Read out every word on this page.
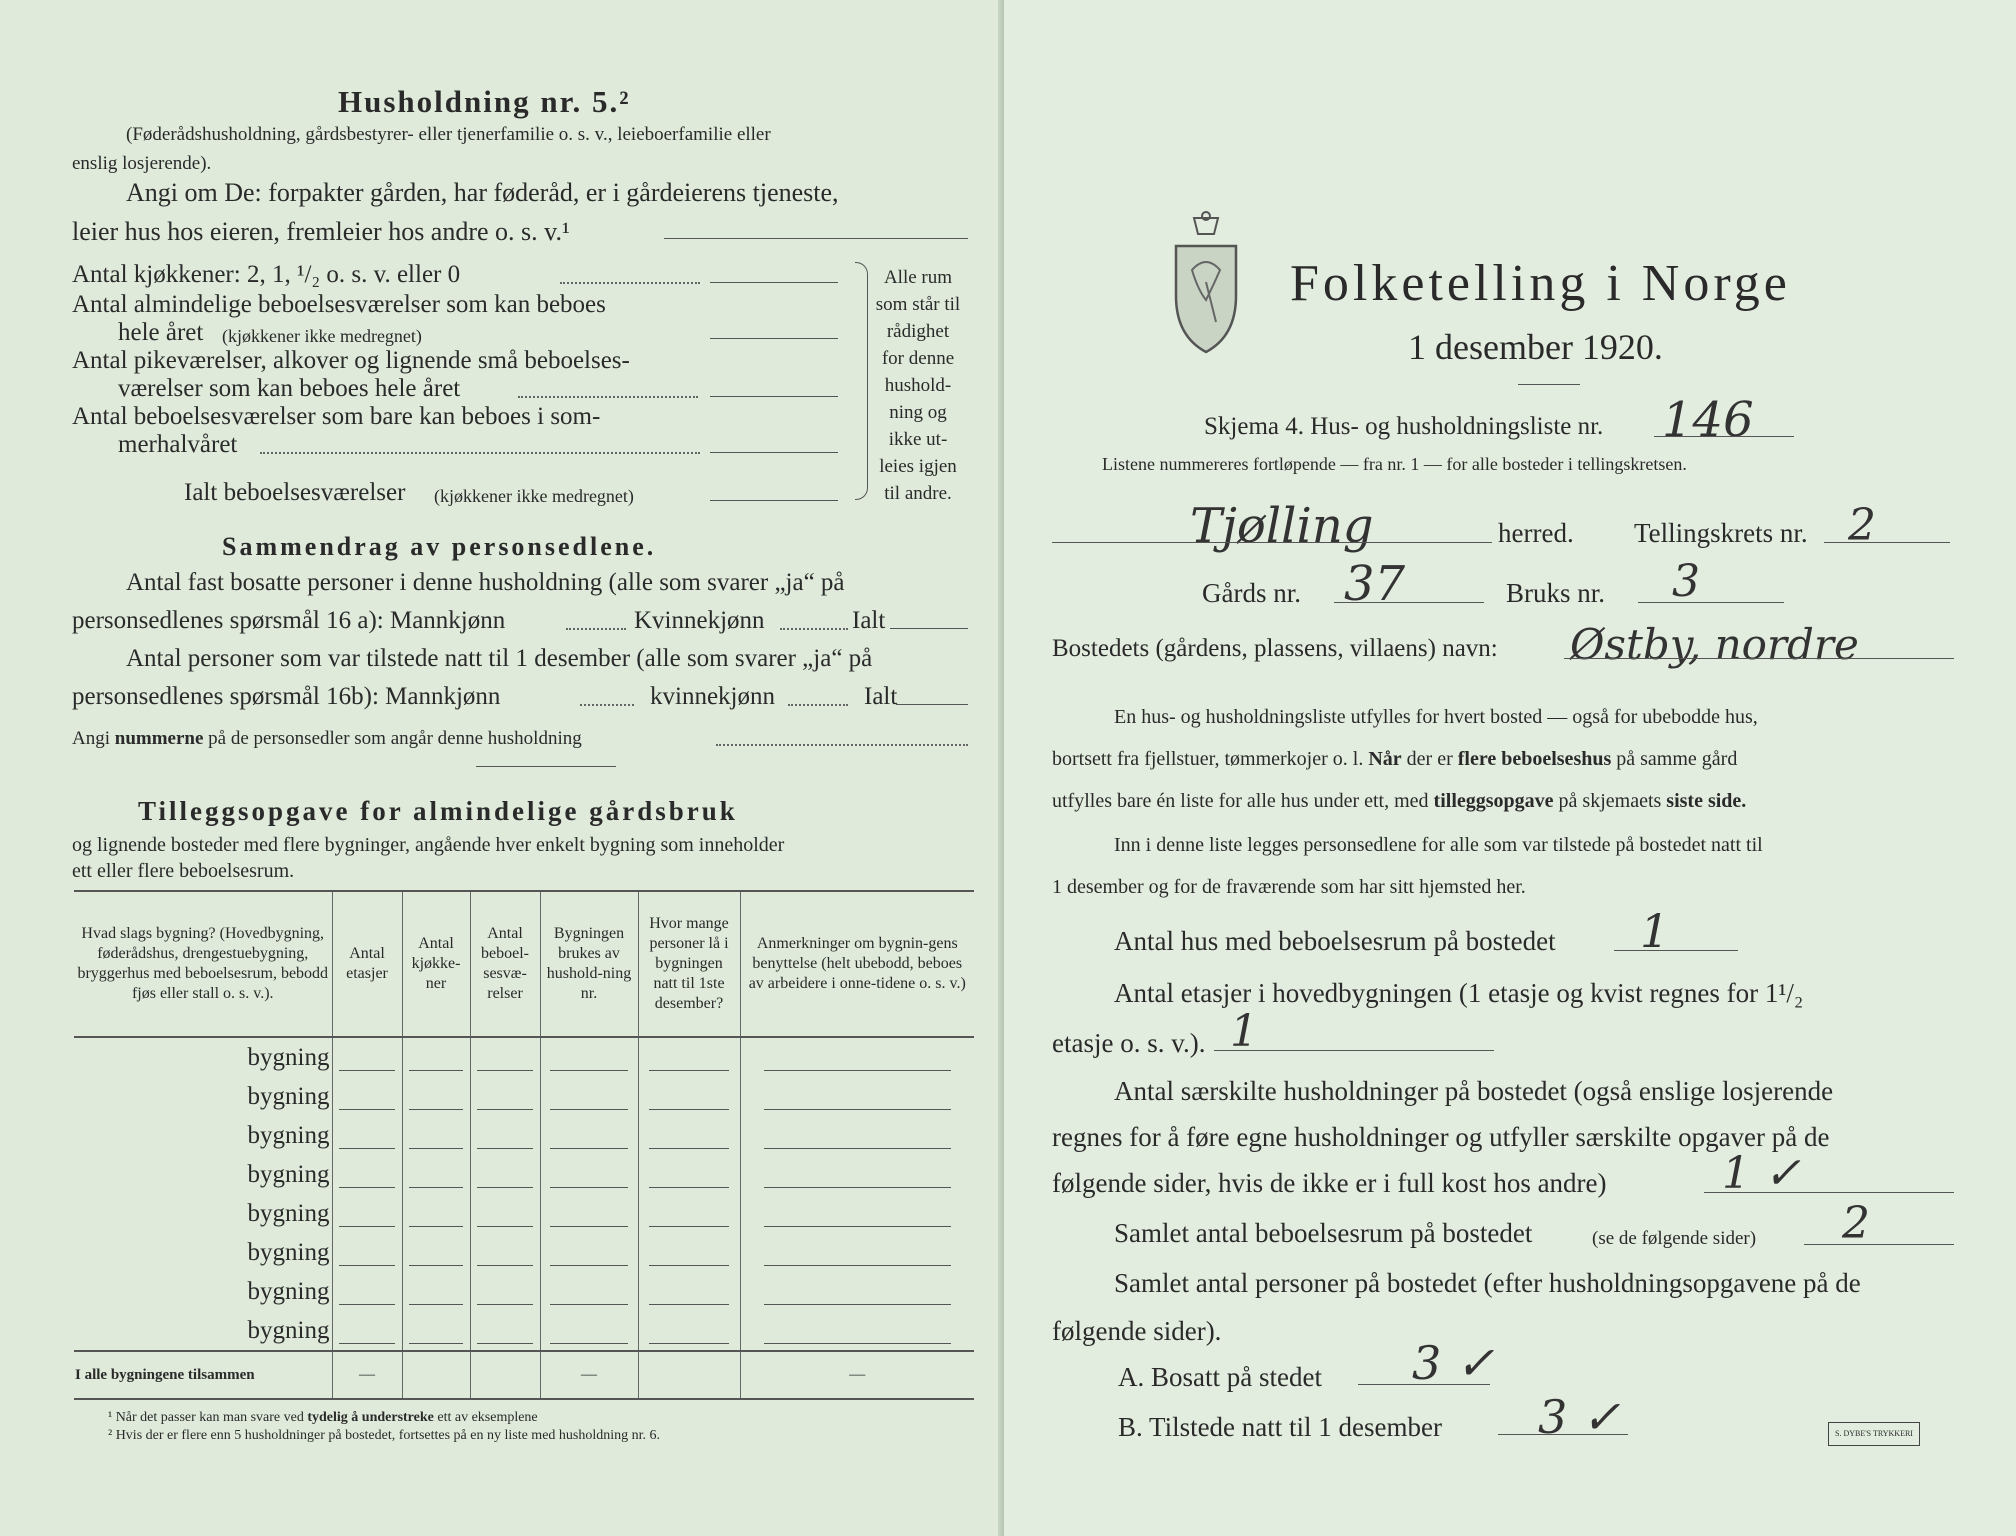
Husholdning nr. 5.²
(Føderådshusholdning, gårdsbestyrer- eller tjenerfamilie o. s. v., leieboerfamilie eller
enslig losjerende).
Angi om De: forpakter gården, har føderåd, er i gårdeierens tjeneste,
leier hus hos eieren, fremleier hos andre o. s. v.¹
Antal kjøkkener: 2, 1, ¹/₂ o. s. v. eller 0
Antal almindelige beboelsesværelser som kan beboes
hele året (kjøkkener ikke medregnet)
Antal pikeværelser, alkover og lignende små beboelses-
værelser som kan beboes hele året
Antal beboelsesværelser som bare kan beboes i som-
merhalvåret
Ialt beboelsesværelser (kjøkkener ikke medregnet)
Alle rum
som står til
rådighet
for denne
hushold-
ning og
ikke ut-
leies igjen
til andre.
Sammendrag av personsedlene.
Antal fast bosatte personer i denne husholdning (alle som svarer „ja“ på
personsedlenes spørsmål 16 a): Mannkjønn	Kvinnekjønn	Ialt
Antal personer som var tilstede natt til 1 desember (alle som svarer „ja“ på
personsedlenes spørsmål 16b): Mannkjønn	kvinnekjønn	Ialt
Angi nummerne på de personsedler som angår denne husholdning
Tilleggsopgave for almindelige gårdsbruk
og lignende bosteder med flere bygninger, angående hver enkelt bygning som inneholder
ett eller flere beboelsesrum.
Hvad slags bygning? (Hovedbygning, føderådshus, drengestuebygning, bryggerhus med beboelsesrum, bebodd fjøs eller stall o. s. v.).	Antal etasjer	Antal kjøkke-ner	Antal beboel-sesvæ-relser	Bygningen brukes av hushold-ning nr.	Hvor mange personer lå i bygningen natt til 1ste desember?	Anmerkninger om bygnin-gens benyttelse (helt ubebodd, beboes av arbeidere i onne-tidene o. s. v.)
bygning	

bygning	

bygning	

bygning	

bygning	

bygning	

bygning	

bygning	

I alle bygningene tilsammen	—			—		—
¹ Når det passer kan man svare ved tydelig å understreke ett av eksemplene
² Hvis der er flere enn 5 husholdninger på bostedet, fortsettes på en ny liste med husholdning nr. 6.
Folketelling i Norge
1 desember 1920.
Skjema 4. Hus- og husholdningsliste nr. 146
Listene nummereres fortløpende — fra nr. 1 — for alle bosteder i tellingskretsen.
Tjølling	herred. Tellingskrets nr. 2
Gårds nr. 37	Bruks nr. 3
Bostedets (gårdens, plassens, villaens) navn: Østby, nordre
En hus- og husholdningsliste utfylles for hvert bosted — også for ubebodde hus,
bortsett fra fjellstuer, tømmerkojer o. l. Når der er flere beboelseshus på samme gård
utfylles bare én liste for alle hus under ett, med tilleggsopgave på skjemaets siste side.
Inn i denne liste legges personsedlene for alle som var tilstede på bostedet natt til
1 desember og for de fraværende som har sitt hjemsted her.
Antal hus med beboelsesrum på bostedet 1
Antal etasjer i hovedbygningen (1 etasje og kvist regnes for 1¹/₂
etasje o. s. v.). 1
Antal særskilte husholdninger på bostedet (også enslige losjerende
regnes for å føre egne husholdninger og utfyller særskilte opgaver på de
følgende sider, hvis de ikke er i full kost hos andre)	1 ✓
Samlet antal beboelsesrum på bostedet	(se de følgende sider) 2
Samlet antal personer på bostedet (efter husholdningsopgavene på de
følgende sider).
A. Bosatt på stedet 3 ✓
B. Tilstede natt til 1 desember 3 ✓	S. DYBE'S TRYKKERI
